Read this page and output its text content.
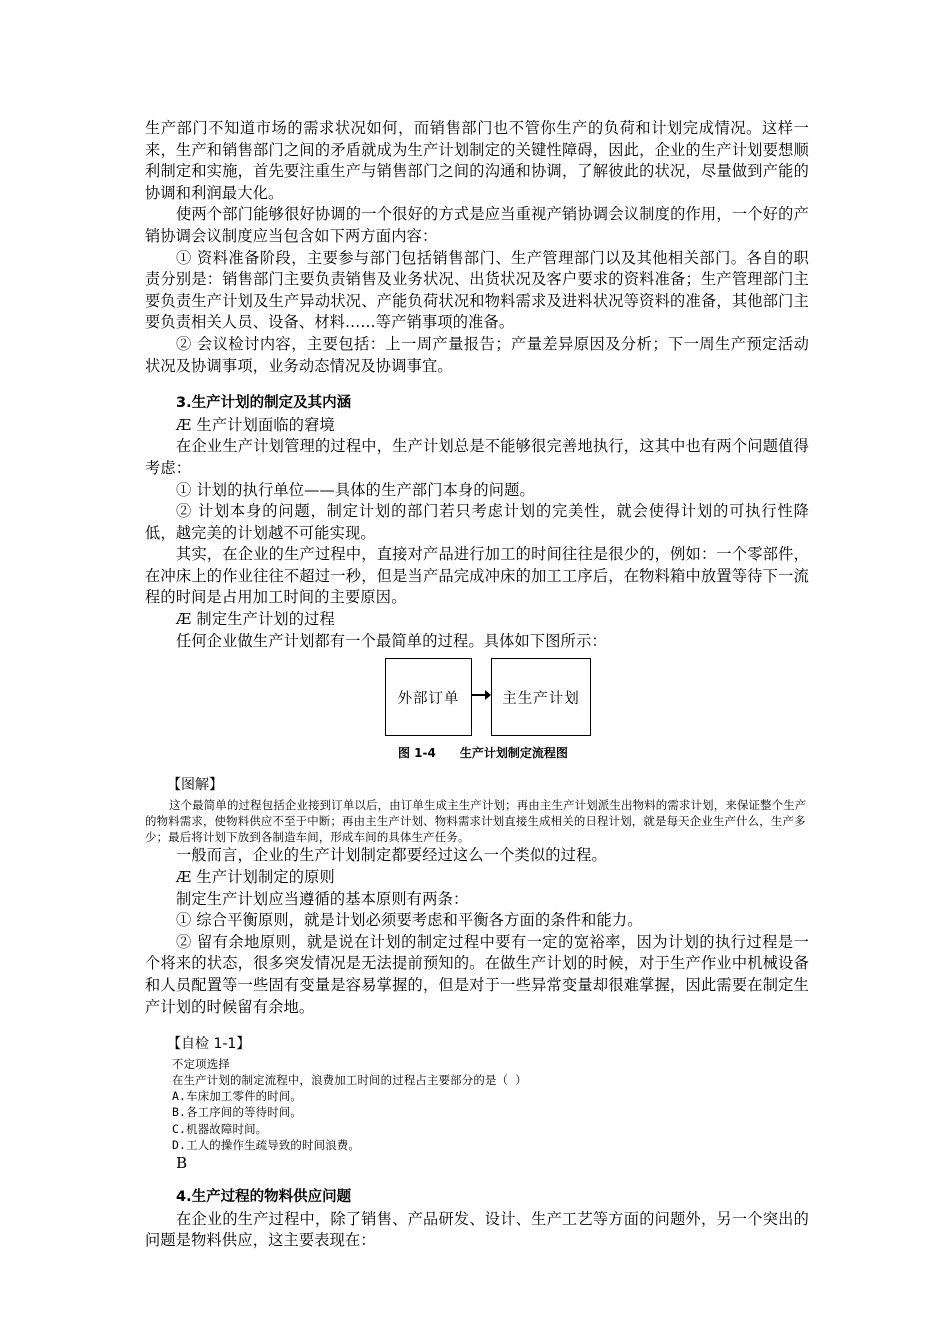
生产部门不知道市场的需求状况如何，而销售部门也不管你生产的负荷和计划完成情况。这样一来，生产和销售部门之间的矛盾就成为生产计划制定的关键性障碍，因此，企业的生产计划要想顺利制定和实施，首先要注重生产与销售部门之间的沟通和协调，了解彼此的状况，尽量做到产能的协调和利润最大化。

使两个部门能够很好协调的一个很好的方式是应当重视产销协调会议制度的作用，一个好的产销协调会议制度应当包含如下两方面内容：

① 资料准备阶段，主要参与部门包括销售部门、生产管理部门以及其他相关部门。各自的职责分别是：销售部门主要负责销售及业务状况、出货状况及客户要求的资料准备；生产管理部门主要负责生产计划及生产异动状况、产能负荷状况和物料需求及进料状况等资料的准备，其他部门主要负责相关人员、设备、材料……等产销事项的准备。

② 会议检讨内容，主要包括：上一周产量报告；产量差异原因及分析；下一周生产预定活动状况及协调事项，业务动态情况及协调事宜。

3.生产计划的制定及其内涵

Æ 生产计划面临的窘境

在企业生产计划管理的过程中，生产计划总是不能够很完善地执行，这其中也有两个问题值得考虑：

① 计划的执行单位——具体的生产部门本身的问题。

② 计划本身的问题，制定计划的部门若只考虑计划的完美性，就会使得计划的可执行性降低，越完美的计划越不可能实现。

其实，在企业的生产过程中，直接对产品进行加工的时间往往是很少的，例如：一个零部件，在冲床上的作业往往不超过一秒，但是当产品完成冲床的加工工序后，在物料箱中放置等待下一流程的时间是占用加工时间的主要原因。

Æ 制定生产计划的过程

任何企业做生产计划都有一个最简单的过程。具体如下图所示：

外部订单	主生产计划

图 1-4 生产计划制定流程图

【图解】

这个最简单的过程包括企业接到订单以后，由订单生成主生产计划；再由主生产计划派生出物料的需求计划，来保证整个生产的物料需求，使物料供应不至于中断；再由主生产计划、物料需求计划直接生成相关的日程计划，就是每天企业生产什么，生产多少；最后将计划下放到各制造车间，形成车间的具体生产任务。

一般而言，企业的生产计划制定都要经过这么一个类似的过程。

Æ 生产计划制定的原则

制定生产计划应当遵循的基本原则有两条：

① 综合平衡原则，就是计划必须要考虑和平衡各方面的条件和能力。

② 留有余地原则，就是说在计划的制定过程中要有一定的宽裕率，因为计划的执行过程是一个将来的状态，很多突发情况是无法提前预知的。在做生产计划的时候，对于生产作业中机械设备和人员配置等一些固有变量是容易掌握的，但是对于一些异常变量却很难掌握，因此需要在制定生产计划的时候留有余地。

【自检 1-1】

不定项选择

在生产计划的制定流程中，浪费加工时间的过程占主要部分的是（ ）

A.车床加工零件的时间。

B.各工序间的等待时间。

C.机器故障时间。

D.工人的操作生疏导致的时间浪费。

B

4.生产过程的物料供应问题

在企业的生产过程中，除了销售、产品研发、设计、生产工艺等方面的问题外，另一个突出的问题是物料供应，这主要表现在：
